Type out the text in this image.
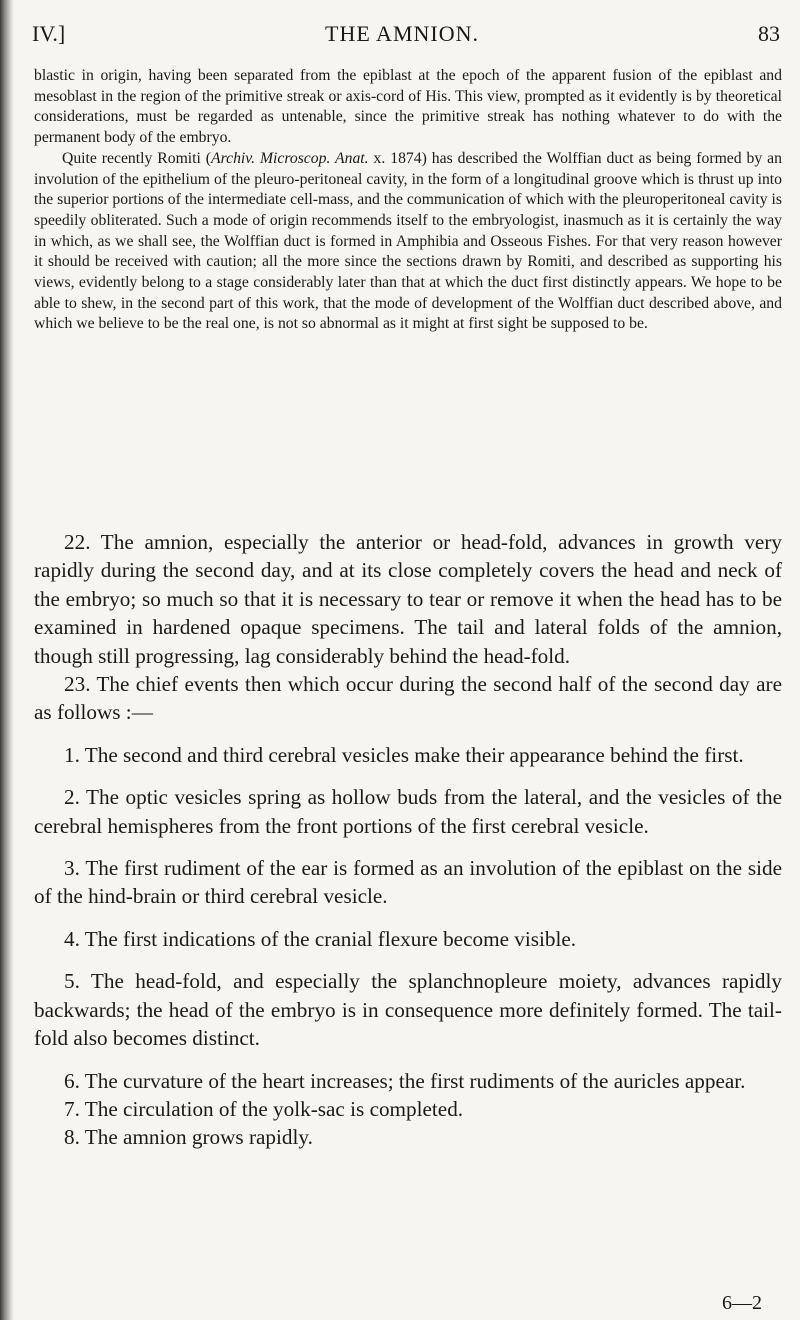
IV.]	THE AMNION.	83

blastic in origin, having been separated from the epiblast at the epoch of the apparent fusion of the epiblast and mesoblast in the region of the primitive streak or axis-cord of His. This view, prompted as it evidently is by theoretical considerations, must be regarded as untenable, since the primitive streak has nothing whatever to do with the permanent body of the embryo.

Quite recently Romiti (Archiv. Microscop. Anat. x. 1874) has described the Wolffian duct as being formed by an involution of the epithelium of the pleuro-peritoneal cavity, in the form of a longitudinal groove which is thrust up into the superior portions of the intermediate cell-mass, and the communication of which with the pleuroperitoneal cavity is speedily obliterated. Such a mode of origin recommends itself to the embryologist, inasmuch as it is certainly the way in which, as we shall see, the Wolffian duct is formed in Amphibia and Osseous Fishes. For that very reason however it should be received with caution; all the more since the sections drawn by Romiti, and described as supporting his views, evidently belong to a stage considerably later than that at which the duct first distinctly appears. We hope to be able to shew, in the second part of this work, that the mode of development of the Wolffian duct described above, and which we believe to be the real one, is not so abnormal as it might at first sight be supposed to be.

22. The amnion, especially the anterior or head-fold, advances in growth very rapidly during the second day, and at its close completely covers the head and neck of the embryo; so much so that it is necessary to tear or remove it when the head has to be examined in hardened opaque specimens. The tail and lateral folds of the amnion, though still progressing, lag considerably behind the head-fold.

23. The chief events then which occur during the second half of the second day are as follows :—

1. The second and third cerebral vesicles make their appearance behind the first.

2. The optic vesicles spring as hollow buds from the lateral, and the vesicles of the cerebral hemispheres from the front portions of the first cerebral vesicle.

3. The first rudiment of the ear is formed as an involution of the epiblast on the side of the hind-brain or third cerebral vesicle.

4. The first indications of the cranial flexure become visible.

5. The head-fold, and especially the splanchnopleure moiety, advances rapidly backwards; the head of the embryo is in consequence more definitely formed. The tail-fold also becomes distinct.

6. The curvature of the heart increases; the first rudiments of the auricles appear.

7. The circulation of the yolk-sac is completed.

8. The amnion grows rapidly.

6—2
